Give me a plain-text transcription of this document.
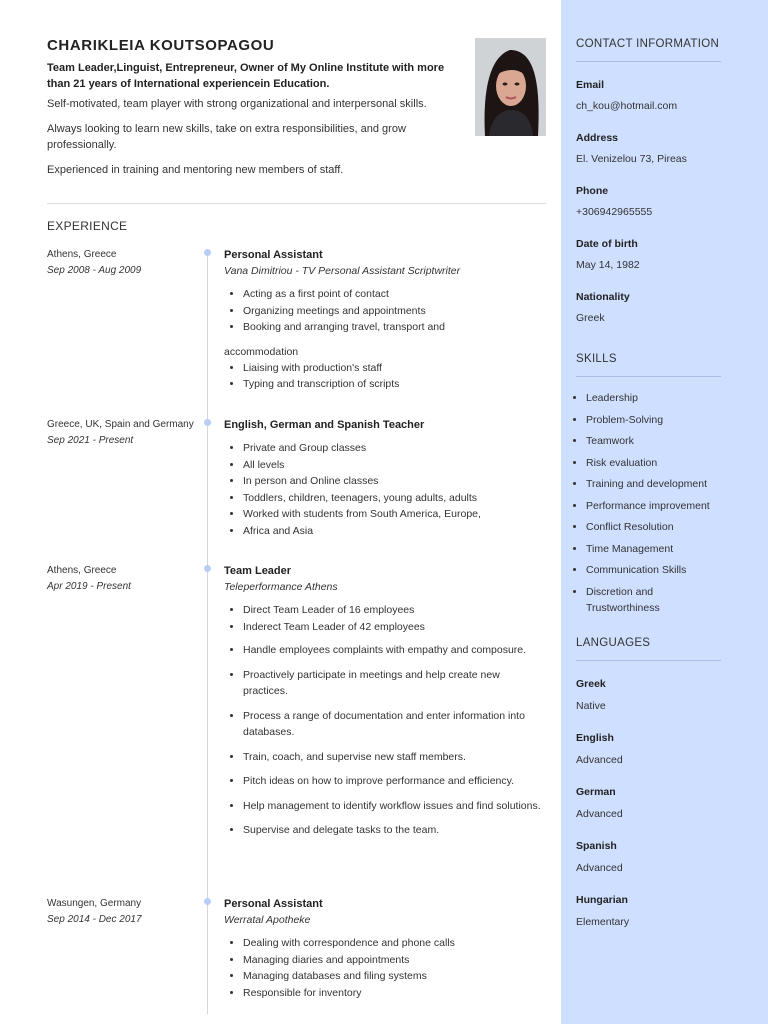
CHARIKLEIA KOUTSOPAGOU
Team Leader,Linguist, Entrepreneur, Owner of My Online Institute with more than 21 years of International experiencein Education.

Self-motivated, team player with strong organizational and interpersonal skills.

Always looking to learn new skills, take on extra responsibilities, and grow professionally.

Experienced in training and mentoring new members of staff.

EXPERIENCE
Athens, Greece
Sep 2008 - Aug 2009
Personal Assistant
Vana Dimitriou - TV Personal Assistant Scriptwriter
• Acting as a first point of contact
• Organizing meetings and appointments
• Booking and arranging travel, transport and
accommodation
• Liaising with production's staff
• Typing and transcription of scripts
Greece, UK, Spain and Germany
Sep 2021 - Present
English, German and Spanish Teacher
• Private and Group classes
• All levels
• In person and Online classes
• Toddlers, children, teenagers, young adults, adults
• Worked with students from South America, Europe,
• Africa and Asia
Athens, Greece
Apr 2019 - Present
Team Leader
Teleperformance Athens
• Direct Team Leader of 16 employees
• Inderect Team Leader of 42 employees
• Handle employees complaints with empathy and composure.
• Proactively participate in meetings and help create new practices.
• Process a range of documentation and enter information into databases.
• Train, coach, and supervise new staff members.
• Pitch ideas on how to improve performance and efficiency.
• Help management to identify workflow issues and find solutions.
• Supervise and delegate tasks to the team.
Wasungen, Germany
Sep 2014 - Dec 2017
Personal Assistant
Werratal Apotheke
• Dealing with correspondence and phone calls
• Managing diaries and appointments
• Managing databases and filing systems
• Responsible for inventory
CONTACT INFORMATION
Email
ch_kou@hotmail.com
Address
El. Venizelou 73, Pireas
Phone
+306942965555
Date of birth
May 14, 1982
Nationality
Greek
SKILLS
• Leadership
• Problem-Solving
• Teamwork
• Risk evaluation
• Training and development
• Performance improvement
• Conflict Resolution
• Time Management
• Communication Skills
• Discretion and Trustworthiness
LANGUAGES
Greek
Native
English
Advanced
German
Advanced
Spanish
Advanced
Hungarian
Elementary
